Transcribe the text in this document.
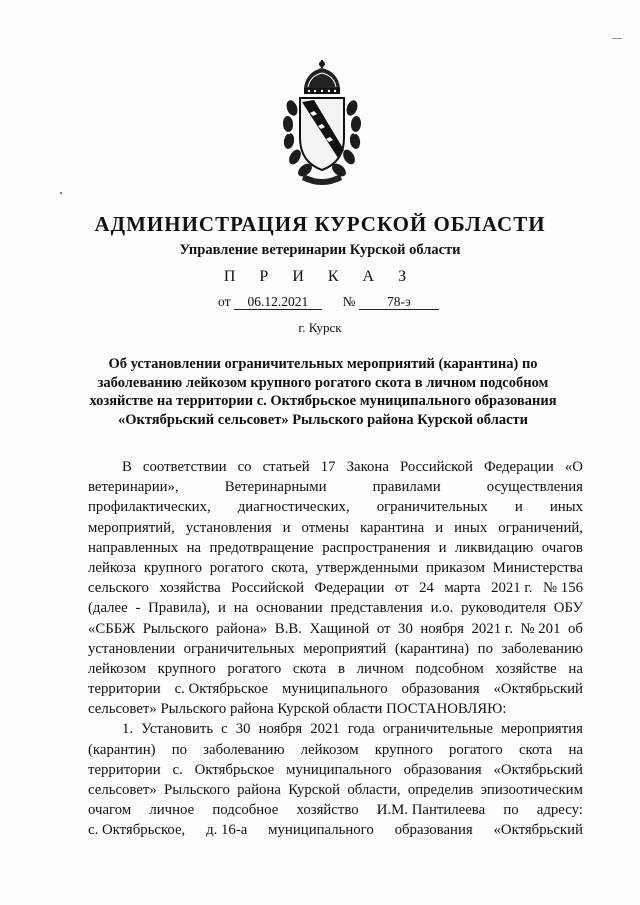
АДМИНИСТРАЦИЯ КУРСКОЙ ОБЛАСТИ
Управление ветеринарии Курской области
П Р И К А З
от 06.12.2021	№ 78-э
г. Курск
Об установлении ограничительных мероприятий (карантина) по
заболеванию лейкозом крупного рогатого скота в личном подсобном
хозяйстве на территории с. Октябрьское муниципального образования
«Октябрьский сельсовет» Рыльского района Курской области
В соответствии со статьей 17 Закона Российской Федерации «О
ветеринарии»,	Ветеринарными	правилами	осуществления
профилактических, диагностических, ограничительных и иных
мероприятий, установления и отмены карантина и иных ограничений,
направленных на предотвращение распространения и ликвидацию очагов
лейкоза крупного рогатого скота, утвержденными приказом Министерства
сельского хозяйства Российской Федерации от 24 марта 2021 г. № 156
(далее - Правила), и на основании представления и.о. руководителя ОБУ
«СББЖ Рыльского района» В.В. Хащиной от 30 ноября 2021 г. № 201 об
установлении ограничительных мероприятий (карантина) по заболеванию
лейкозом крупного рогатого скота в личном подсобном хозяйстве на
территории с. Октябрьское муниципального образования «Октябрьский
сельсовет» Рыльского района Курской области ПОСТАНОВЛЯЮ:
1. Установить с 30 ноября 2021 года ограничительные мероприятия
(карантин) по заболеванию лейкозом крупного рогатого скота на
территории с. Октябрьское муниципального образования «Октябрьский
сельсовет» Рыльского района Курской области, определив эпизоотическим
очагом личное подсобное хозяйство И.М. Пантилеева по адресу:
с. Октябрьское, д. 16-а муниципального образования «Октябрьский
